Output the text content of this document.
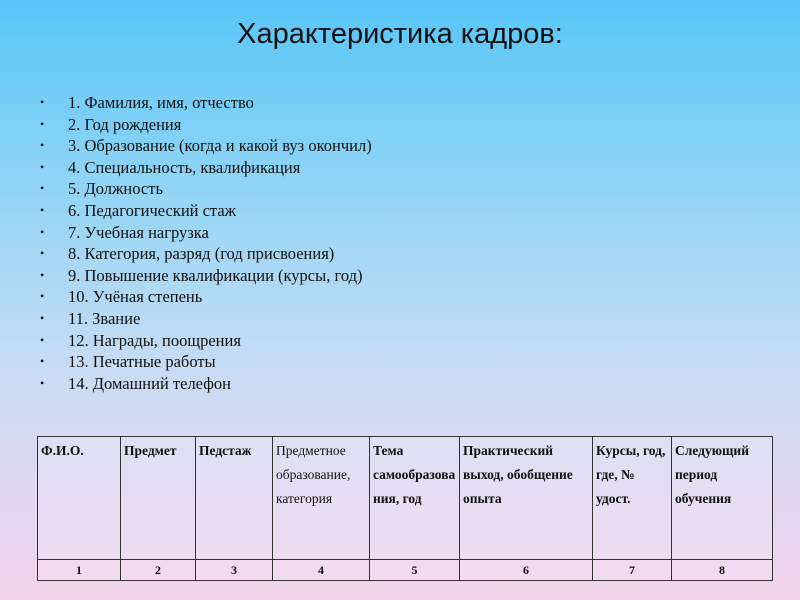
Характеристика кадров:
• 1. Фамилия, имя, отчество
• 2. Год рождения
• 3. Образование (когда и какой вуз окончил)
• 4. Специальность, квалификация
• 5. Должность
• 6. Педагогический стаж
• 7. Учебная нагрузка
• 8. Категория, разряд (год присвоения)
• 9. Повышение квалификации (курсы, год)
• 10. Учёная степень
• 11. Звание
• 12. Награды, поощрения
• 13. Печатные работы
• 14. Домашний телефон
Ф.И.О.	Предмет	Педстаж	Предметное образование, категория	Тема самообразования, год	Практический выход, обобщение опыта	Курсы, год, где, № удост.	Следующий период обучения
1	2	3	4	5	6	7	8
